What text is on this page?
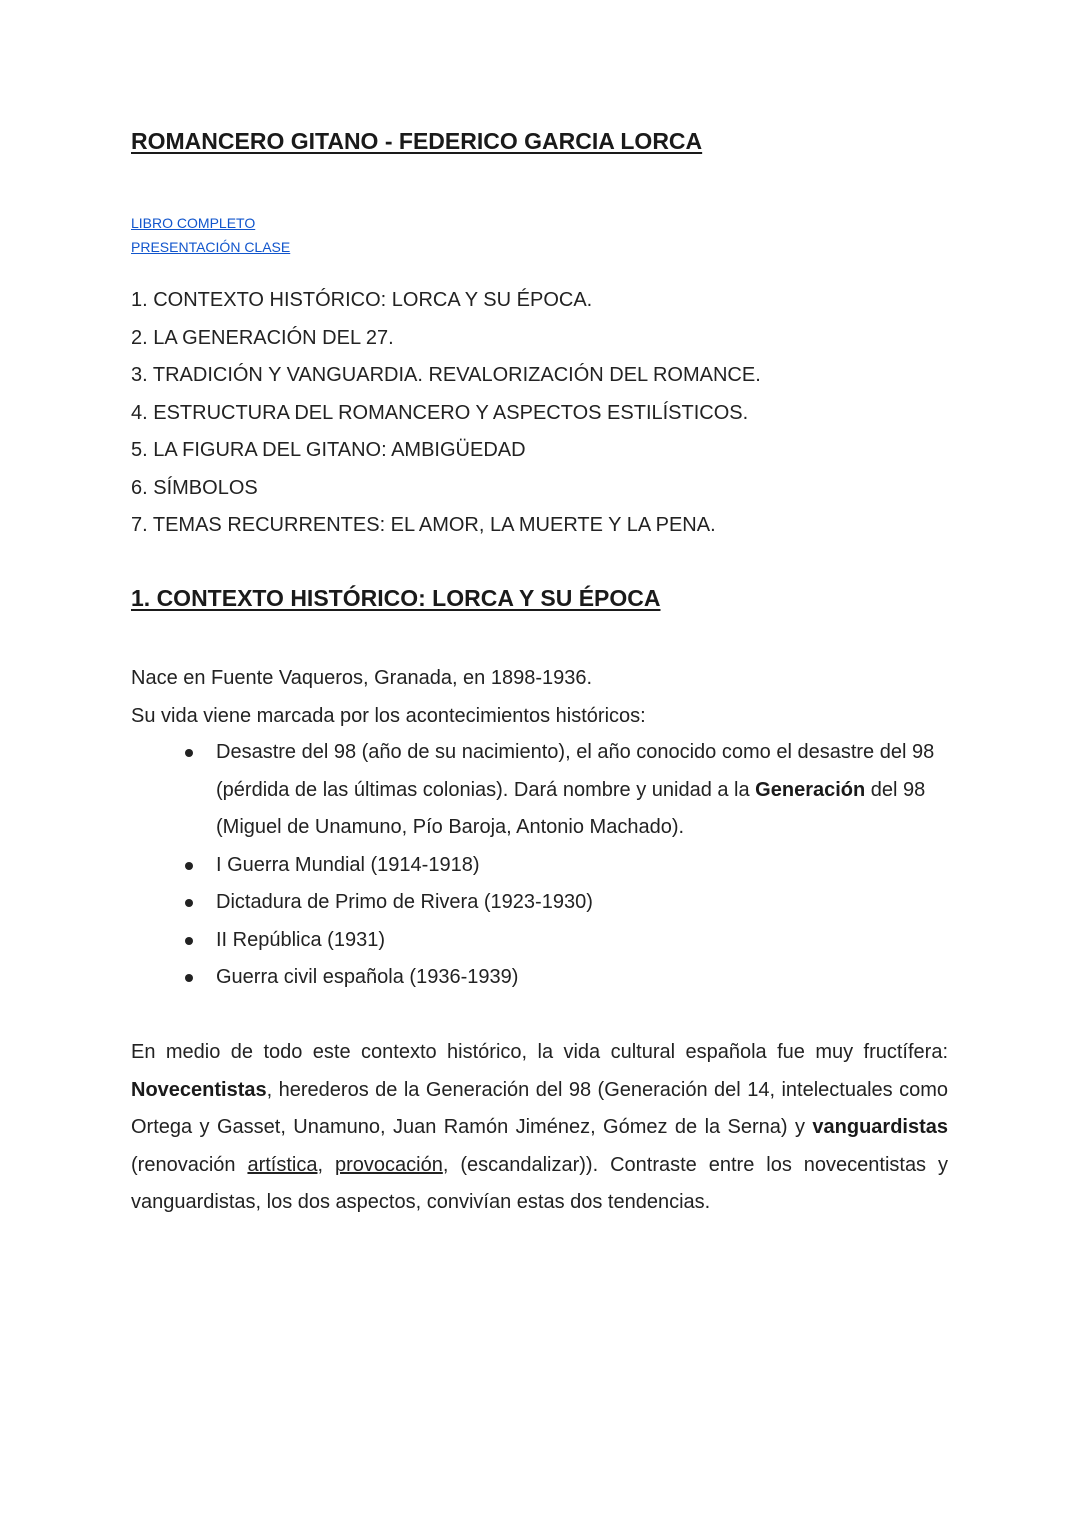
ROMANCERO GITANO - FEDERICO GARCIA LORCA
LIBRO COMPLETO
PRESENTACIÓN CLASE
1. CONTEXTO HISTÓRICO: LORCA Y SU ÉPOCA.
2. LA GENERACIÓN DEL 27.
3. TRADICIÓN Y VANGUARDIA. REVALORIZACIÓN DEL ROMANCE.
4. ESTRUCTURA DEL ROMANCERO Y ASPECTOS ESTILÍSTICOS.
5. LA FIGURA DEL GITANO: AMBIGÜEDAD
6. SÍMBOLOS
7. TEMAS RECURRENTES: EL AMOR, LA MUERTE Y LA PENA.
1. CONTEXTO HISTÓRICO: LORCA Y SU ÉPOCA

Nace en Fuente Vaqueros, Granada, en 1898-1936.

Su vida viene marcada por los acontecimientos históricos:

Desastre del 98 (año de su nacimiento), el año conocido como el desastre del 98 (pérdida de las últimas colonias). Dará nombre y unidad a la Generación del 98 (Miguel de Unamuno, Pío Baroja, Antonio Machado).
I Guerra Mundial (1914-1918)
Dictadura de Primo de Rivera (1923-1930)
II República (1931)
Guerra civil española (1936-1939)

En medio de todo este contexto histórico, la vida cultural española fue muy fructífera: Novecentistas, herederos de la Generación del 98 (Generación del 14, intelectuales como Ortega y Gasset, Unamuno, Juan Ramón Jiménez, Gómez de la Serna) y vanguardistas (renovación artística, provocación, (escandalizar)). Contraste entre los novecentistas y vanguardistas, los dos aspectos, convivían estas dos tendencias.
